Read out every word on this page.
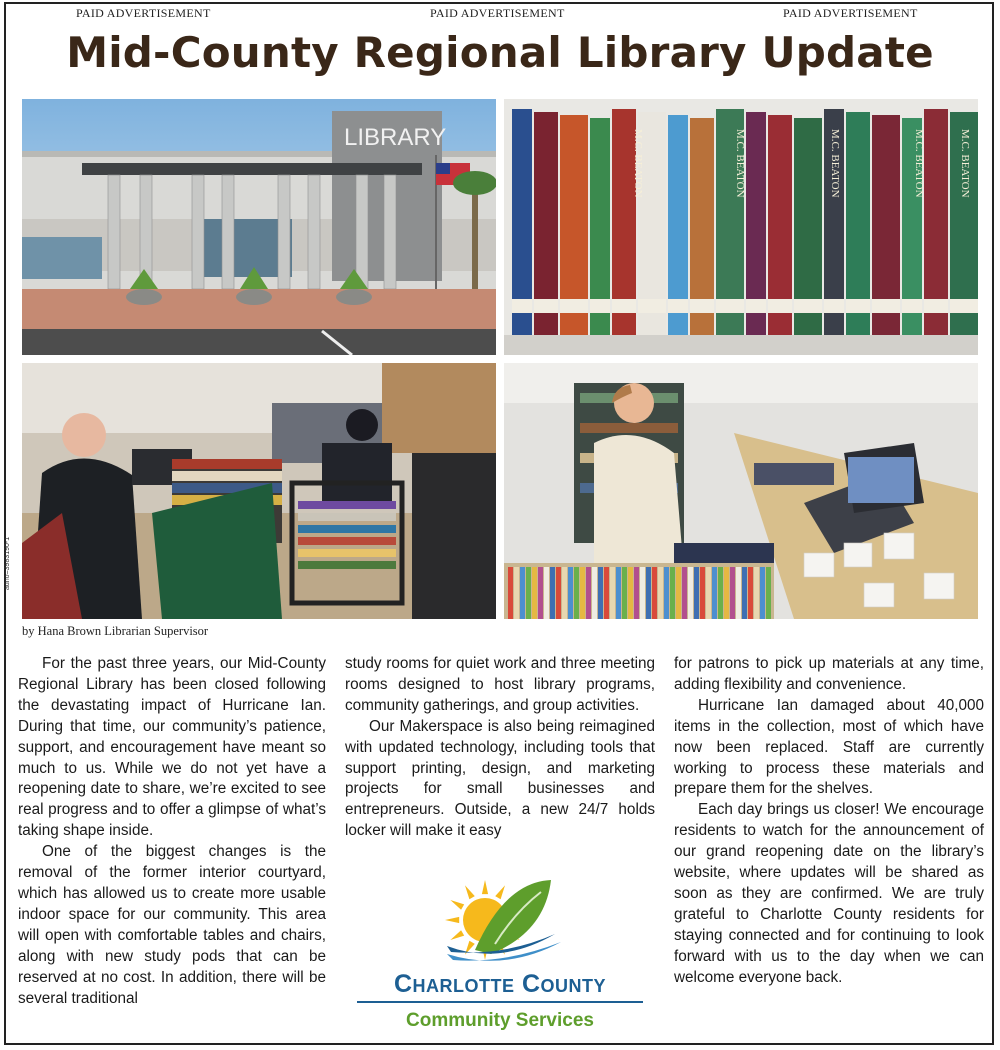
PAID ADVERTISEMENT	PAID ADVERTISEMENT	PAID ADVERTISEMENT
Mid-County Regional Library Update
LIBRARY	M.C. BEATON	M.C. BEATON	M.C. BEATON	M.C. BEATON	M.C. BEATON
adno=3983190-1
by Hana Brown Librarian Supervisor

For the past three years, our Mid-County Regional Library has been closed following the devastating impact of Hurricane Ian. During that time, our community’s patience, support, and encouragement have meant so much to us. While we do not yet have a reopening date to share, we’re excited to see real progress and to offer a glimpse of what’s taking shape inside.

One of the biggest changes is the removal of the former interior courtyard, which has allowed us to create more usable indoor space for our community. This area will open with comfortable tables and chairs, along with new study pods that can be reserved at no cost. In addition, there will be several traditional

study rooms for quiet work and three meeting rooms designed to host library programs, community gatherings, and group activities.

Our Makerspace is also being reimagined with updated technology, including tools that support printing, design, and marketing projects for small businesses and entrepreneurs. Outside, a new 24/7 holds locker will make it easy

for patrons to pick up materials at any time, adding flexibility and convenience.

Hurricane Ian damaged about 40,000 items in the collection, most of which have now been replaced. Staff are currently working to process these materials and prepare them for the shelves.

Each day brings us closer! We encourage residents to watch for the announcement of our grand reopening date on the library’s website, where updates will be shared as soon as they are confirmed. We are truly grateful to Charlotte County residents for staying connected and for continuing to look forward with us to the day when we can welcome everyone back.

Charlotte County
Community Services
